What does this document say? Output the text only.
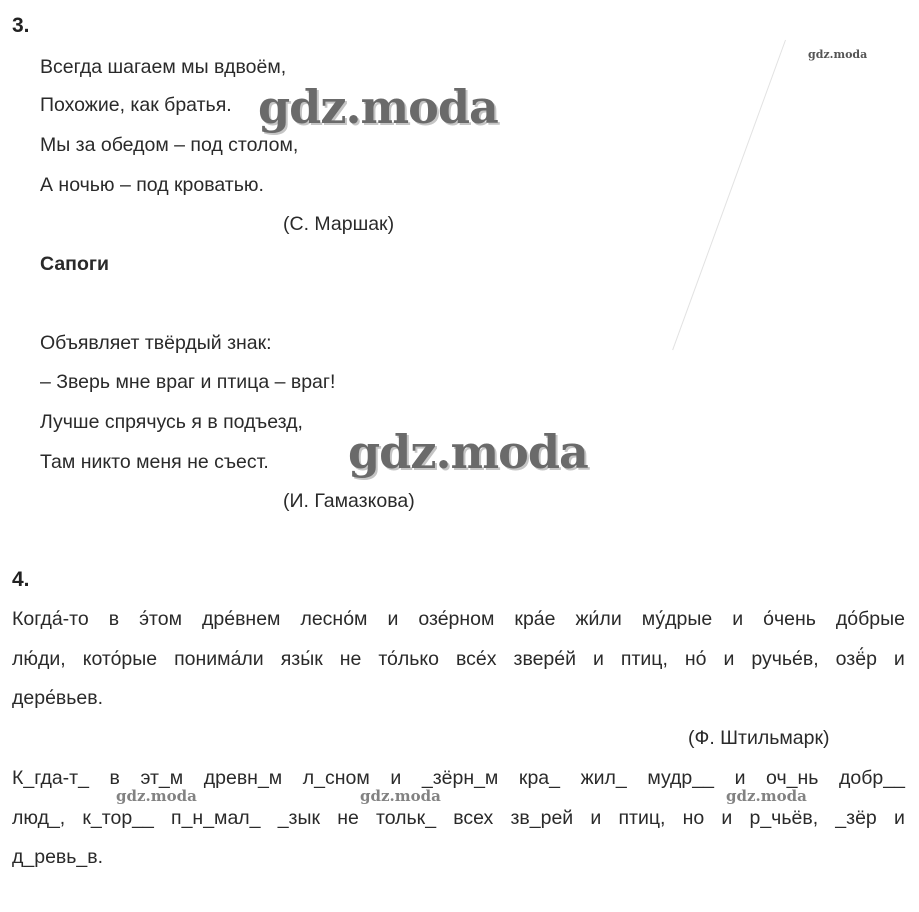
3.
Всегда шагаем мы вдвоём,
Похожие, как братья.
Мы за обедом – под столом,
А ночью – под кроватью.
(С. Маршак)
Сапоги
Объявляет твёрдый знак:
– Зверь мне враг и птица – враг!
Лучше спрячусь я в подъезд,
Там никто меня не съест.
(И. Гамазкова)
4.
Когда́-то в э́том дре́внем лесно́м и озе́рном кра́е жи́ли му́дрые и о́чень до́брые
лю́ди, кото́рые понима́ли язы́к не то́лько все́х звере́й и птиц, но́ и ручье́в, озё́р и
дере́вьев.
(Ф. Штильмарк)
К_гда-т_ в эт_м древн_м л_сном и _зёрн_м кра_ жил_ мудр__ и оч_нь добр__
люд_, к_тор__ п_н_мал_ _зык не тольк_ всех зв_рей и птиц, но и р_чьёв, _зёр и
д_ревь_в.
gdz.moda
gdz.moda
gdz.moda
gdz.moda	gdz.moda	gdz.moda
